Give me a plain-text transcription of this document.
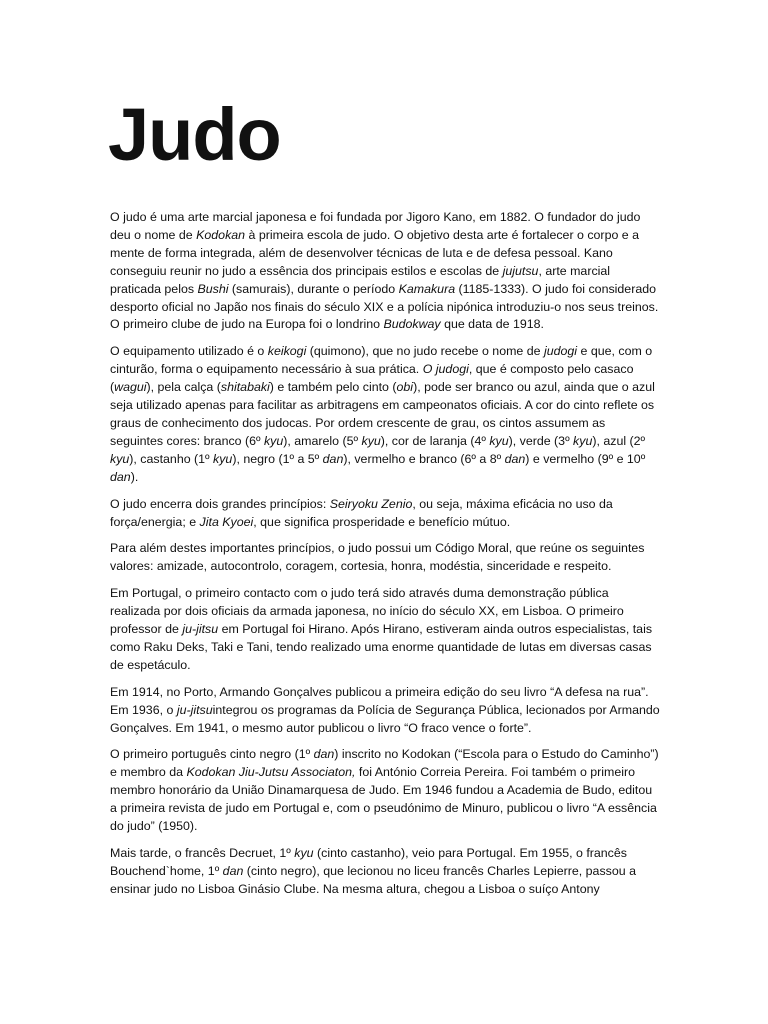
Judo

O judo é uma arte marcial japonesa e foi fundada por Jigoro Kano, em 1882. O fundador do judo deu o nome de Kodokan à primeira escola de judo. O objetivo desta arte é fortalecer o corpo e a mente de forma integrada, além de desenvolver técnicas de luta e de defesa pessoal. Kano conseguiu reunir no judo a essência dos principais estilos e escolas de jujutsu, arte marcial praticada pelos Bushi (samurais), durante o período Kamakura (1185-1333). O judo foi considerado desporto oficial no Japão nos finais do século XIX e a polícia nipónica introduziu-o nos seus treinos. O primeiro clube de judo na Europa foi o londrino Budokway que data de 1918.

O equipamento utilizado é o keikogi (quimono), que no judo recebe o nome de judogi e que, com o cinturão, forma o equipamento necessário à sua prática. O judogi, que é composto pelo casaco (wagui), pela calça (shitabaki) e também pelo cinto (obi), pode ser branco ou azul, ainda que o azul seja utilizado apenas para facilitar as arbitragens em campeonatos oficiais. A cor do cinto reflete os graus de conhecimento dos judocas. Por ordem crescente de grau, os cintos assumem as seguintes cores: branco (6º kyu), amarelo (5º kyu), cor de laranja (4º kyu), verde (3º kyu), azul (2º kyu), castanho (1º kyu), negro (1º a 5º dan), vermelho e branco (6º a 8º dan) e vermelho (9º e 10º dan).

O judo encerra dois grandes princípios: Seiryoku Zenio, ou seja, máxima eficácia no uso da força/energia; e Jita Kyoei, que significa prosperidade e benefício mútuo.

Para além destes importantes princípios, o judo possui um Código Moral, que reúne os seguintes valores: amizade, autocontrolo, coragem, cortesia, honra, modéstia, sinceridade e respeito.

Em Portugal, o primeiro contacto com o judo terá sido através duma demonstração pública realizada por dois oficiais da armada japonesa, no início do século XX, em Lisboa. O primeiro professor de ju-jitsu em Portugal foi Hirano. Após Hirano, estiveram ainda outros especialistas, tais como Raku Deks, Taki e Tani, tendo realizado uma enorme quantidade de lutas em diversas casas de espetáculo.

Em 1914, no Porto, Armando Gonçalves publicou a primeira edição do seu livro “A defesa na rua”. Em 1936, o ju-jitsuintegrou os programas da Polícia de Segurança Pública, lecionados por Armando Gonçalves. Em 1941, o mesmo autor publicou o livro “O fraco vence o forte”.

O primeiro português cinto negro (1º dan) inscrito no Kodokan (“Escola para o Estudo do Caminho”) e membro da Kodokan Jiu-Jutsu Associaton, foi António Correia Pereira. Foi também o primeiro membro honorário da União Dinamarquesa de Judo. Em 1946 fundou a Academia de Budo, editou a primeira revista de judo em Portugal e, com o pseudónimo de Minuro, publicou o livro “A essência do judo” (1950).

Mais tarde, o francês Decruet, 1º kyu (cinto castanho), veio para Portugal. Em 1955, o francês Bouchend`home, 1º dan (cinto negro), que lecionou no liceu francês Charles Lepierre, passou a ensinar judo no Lisboa Ginásio Clube. Na mesma altura, chegou a Lisboa o suíço Antony
